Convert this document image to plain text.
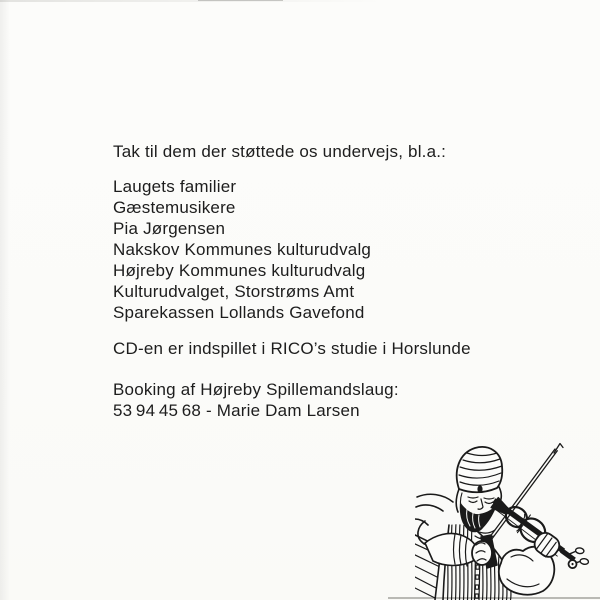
Tak til dem der støttede os undervejs, bl.a.:

Laugets familier
Gæstemusikere
Pia Jørgensen
Nakskov Kommunes kulturudvalg
Højreby Kommunes kulturudvalg
Kulturudvalget, Storstrøms Amt
Sparekassen Lollands Gavefond

CD-en er indspillet i RICO’s studie i Horslunde

Booking af Højreby Spillemandslaug:

53 94 45 68 - Marie Dam Larsen
